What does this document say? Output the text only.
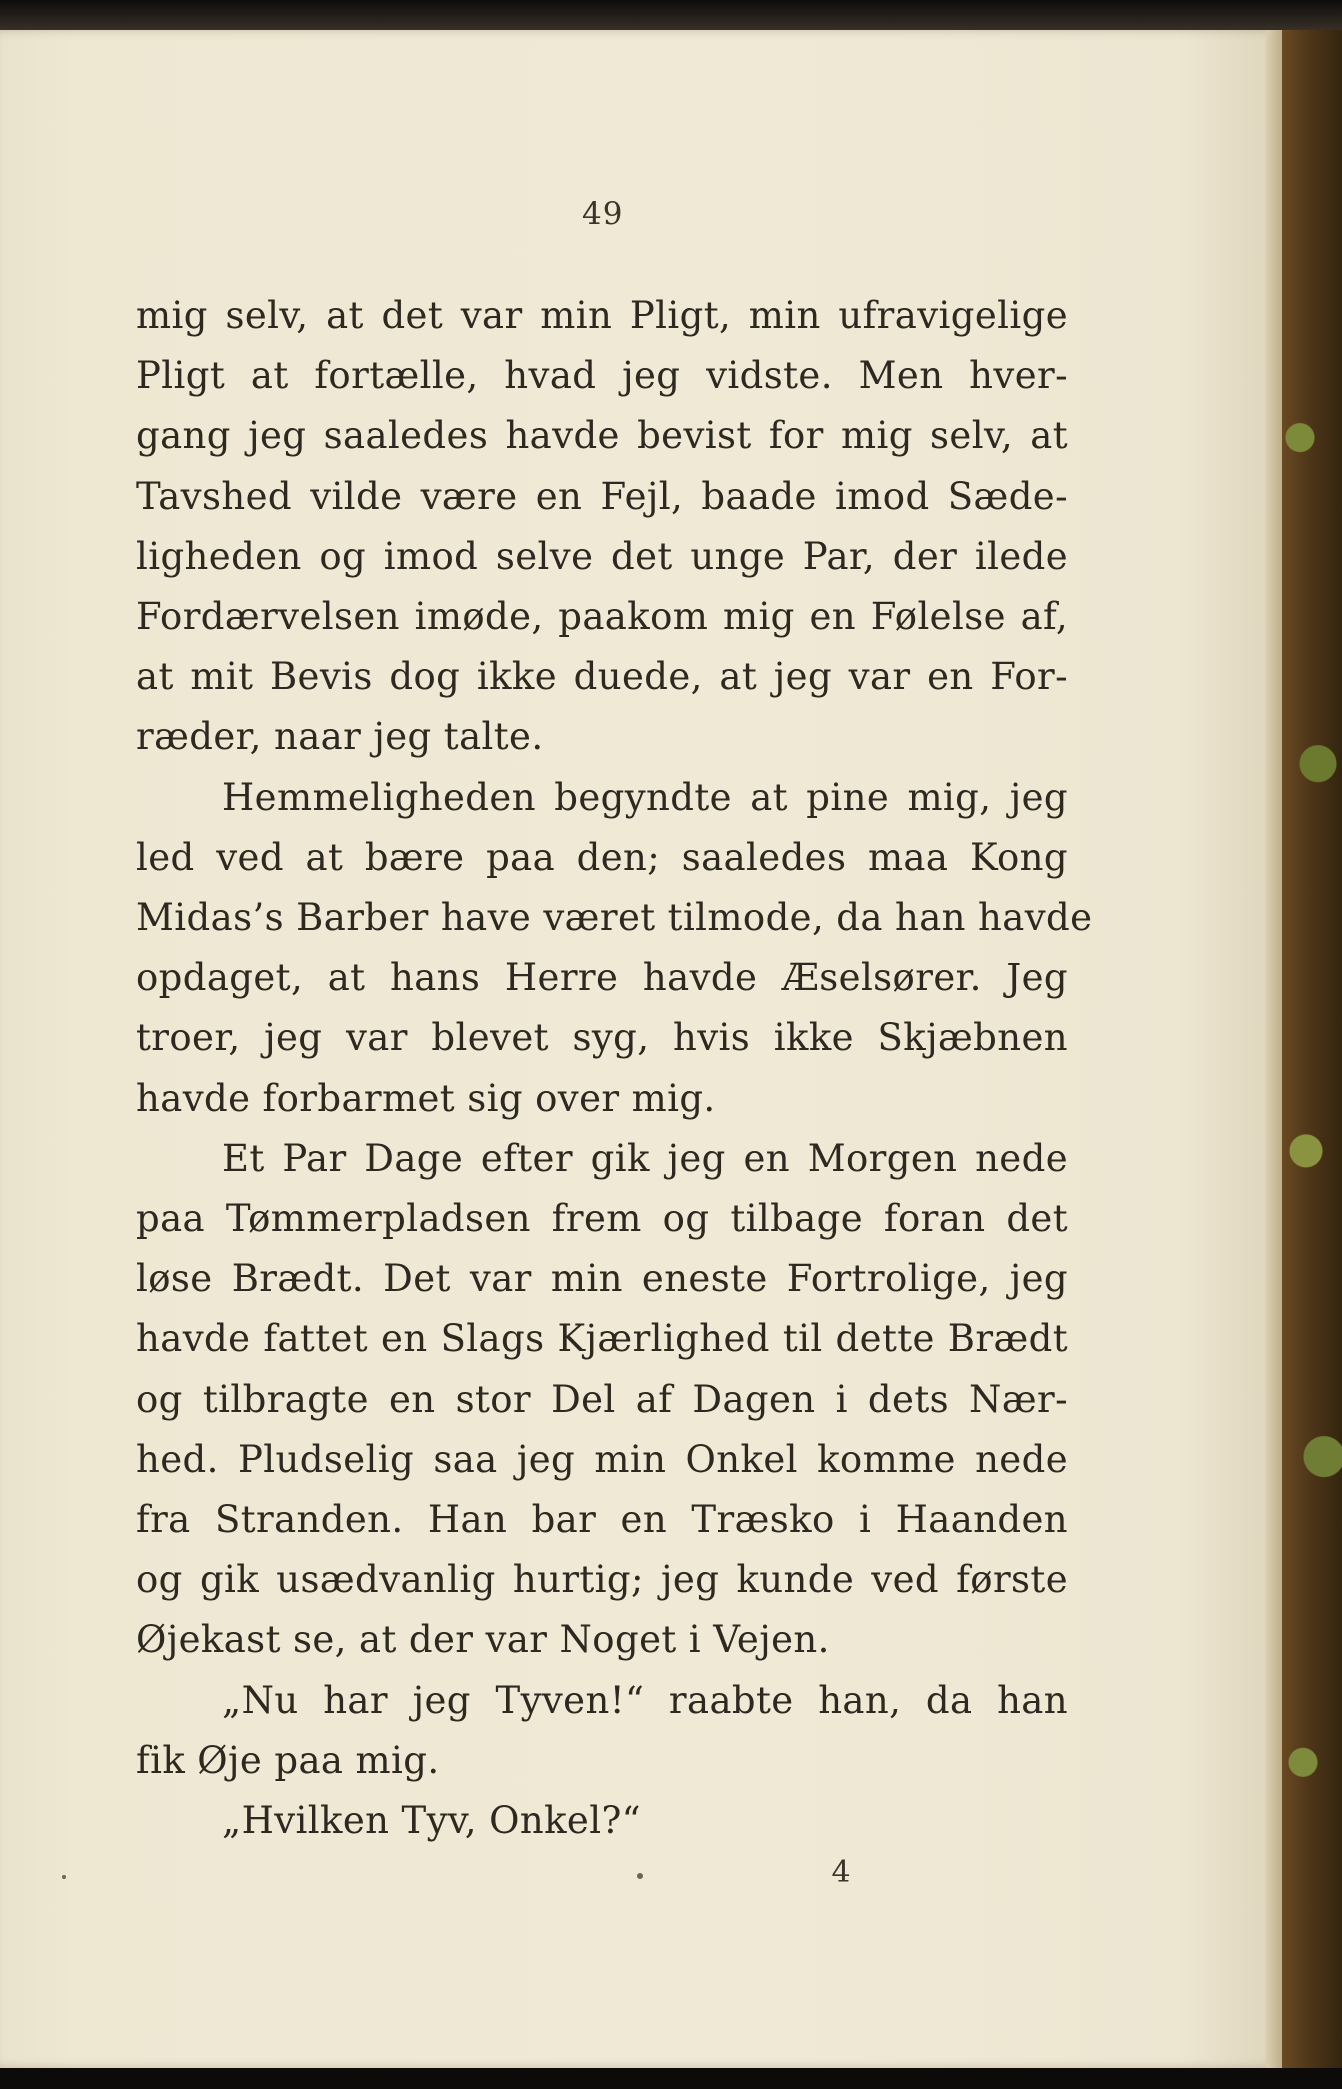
49
mig selv, at det var min Pligt, min ufravigelige
Pligt at fortælle, hvad jeg vidste. Men hver-
gang jeg saaledes havde bevist for mig selv, at
Tavshed vilde være en Fejl, baade imod Sæde-
ligheden og imod selve det unge Par, der ilede
Fordærvelsen imøde, paakom mig en Følelse af,
at mit Bevis dog ikke duede, at jeg var en For-
ræder, naar jeg talte.
Hemmeligheden begyndte at pine mig, jeg
led ved at bære paa den; saaledes maa Kong
Midas’s Barber have været tilmode, da han havde
opdaget, at hans Herre havde Æselsører. Jeg
troer, jeg var blevet syg, hvis ikke Skjæbnen
havde forbarmet sig over mig.
Et Par Dage efter gik jeg en Morgen nede
paa Tømmerpladsen frem og tilbage foran det
løse Brædt. Det var min eneste Fortrolige, jeg
havde fattet en Slags Kjærlighed til dette Brædt
og tilbragte en stor Del af Dagen i dets Nær-
hed. Pludselig saa jeg min Onkel komme nede
fra Stranden. Han bar en Træsko i Haanden
og gik usædvanlig hurtig; jeg kunde ved første
Øjekast se, at der var Noget i Vejen.
„Nu har jeg Tyven!“ raabte han, da han
fik Øje paa mig.
„Hvilken Tyv, Onkel?“
4
